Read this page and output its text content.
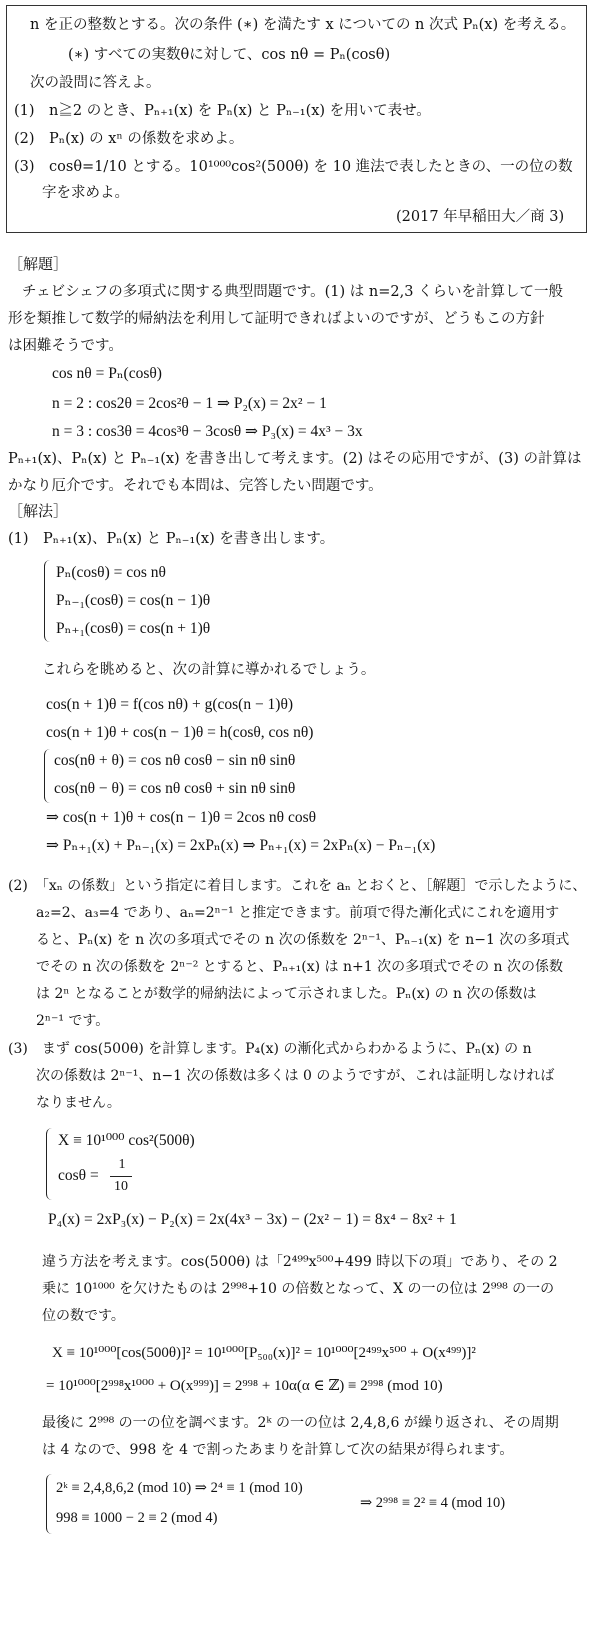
n を正の整数とする。次の条件 (∗) を満たす x についての n 次式 Pₙ(x) を考える。
(∗) すべての実数θに対して、cos nθ = Pₙ(cosθ)
次の設問に答えよ。
(1)　n≧2 のとき、Pₙ₊₁(x) を Pₙ(x) と Pₙ₋₁(x) を用いて表せ。
(2)　Pₙ(x) の xⁿ の係数を求めよ。
(3)　cosθ=1/10 とする。10¹⁰⁰⁰cos²(500θ) を 10 進法で表したときの、一の位の数
字を求めよ。
(2017 年早稲田大／商 3)
［解題］
チェビシェフの多項式に関する典型問題です。(1) は n=2,3 くらいを計算して一般
形を類推して数学的帰納法を利用して証明できればよいのですが、どうもこの方針
は困難そうです。
cos nθ = Pₙ(cosθ)
n = 2 : cos2θ = 2cos²θ − 1 ⇒ P₂(x) = 2x² − 1
n = 3 : cos3θ = 4cos³θ − 3cosθ ⇒ P₃(x) = 4x³ − 3x
Pₙ₊₁(x)、Pₙ(x) と Pₙ₋₁(x) を書き出して考えます。(2) はその応用ですが、(3) の計算は
かなり厄介です。それでも本問は、完答したい問題です。
［解法］
(1)　Pₙ₊₁(x)、Pₙ(x) と Pₙ₋₁(x) を書き出します。
Pₙ(cosθ) = cos nθ
Pₙ₋₁(cosθ) = cos(n − 1)θ
Pₙ₊₁(cosθ) = cos(n + 1)θ
これらを眺めると、次の計算に導かれるでしょう。
cos(n + 1)θ = f(cos nθ) + g(cos(n − 1)θ)
cos(n + 1)θ + cos(n − 1)θ = h(cosθ, cos nθ)
cos(nθ + θ) = cos nθ cosθ − sin nθ sinθ
cos(nθ − θ) = cos nθ cosθ + sin nθ sinθ
⇒ cos(n + 1)θ + cos(n − 1)θ = 2cos nθ cosθ
⇒ Pₙ₊₁(x) + Pₙ₋₁(x) = 2xPₙ(x) ⇒ Pₙ₊₁(x) = 2xPₙ(x) − Pₙ₋₁(x)
(2)　「xₙ の係数」という指定に着目します。これを aₙ とおくと、［解題］で示したように、
a₂=2、a₃=4 であり、aₙ=2ⁿ⁻¹ と推定できます。前項で得た漸化式にこれを適用す
ると、Pₙ(x) を n 次の多項式でその n 次の係数を 2ⁿ⁻¹、Pₙ₋₁(x) を n−1 次の多項式
でその n 次の係数を 2ⁿ⁻² とすると、Pₙ₊₁(x) は n+1 次の多項式でその n 次の係数
は 2ⁿ となることが数学的帰納法によって示されました。Pₙ(x) の n 次の係数は
2ⁿ⁻¹ です。
(3)　まず cos(500θ) を計算します。P₄(x) の漸化式からわかるように、Pₙ(x) の n
次の係数は 2ⁿ⁻¹、n−1 次の係数は多くは 0 のようですが、これは証明しなければ
なりません。
X ≡ 10¹⁰⁰⁰ cos²(500θ)
cosθ =
1
10
P₄(x) = 2xP₃(x) − P₂(x) = 2x(4x³ − 3x) − (2x² − 1) = 8x⁴ − 8x² + 1
違う方法を考えます。cos(500θ) は「2⁴⁹⁹x⁵⁰⁰+499 時以下の項」であり、その 2
乗に 10¹⁰⁰⁰ を欠けたものは 2⁹⁹⁸+10 の倍数となって、X の一の位は 2⁹⁹⁸ の一の
位の数です。
X ≡ 10¹⁰⁰⁰[cos(500θ)]² = 10¹⁰⁰⁰[P₅₀₀(x)]² = 10¹⁰⁰⁰[2⁴⁹⁹x⁵⁰⁰ + O(x⁴⁹⁹)]²
= 10¹⁰⁰⁰[2⁹⁹⁸x¹⁰⁰⁰ + O(x⁹⁹⁹)] = 2⁹⁹⁸ + 10α(α ∈ ℤ) ≡ 2⁹⁹⁸ (mod 10)
最後に 2⁹⁹⁸ の一の位を調べます。2ᵏ の一の位は 2,4,8,6 が繰り返され、その周期
は 4 なので、998 を 4 で割ったあまりを計算して次の結果が得られます。
2ᵏ ≡ 2,4,8,6,2 (mod 10) ⇒ 2⁴ ≡ 1 (mod 10)
998 ≡ 1000 − 2 ≡ 2 (mod 4)
⇒ 2⁹⁹⁸ ≡ 2² ≡ 4 (mod 10)
